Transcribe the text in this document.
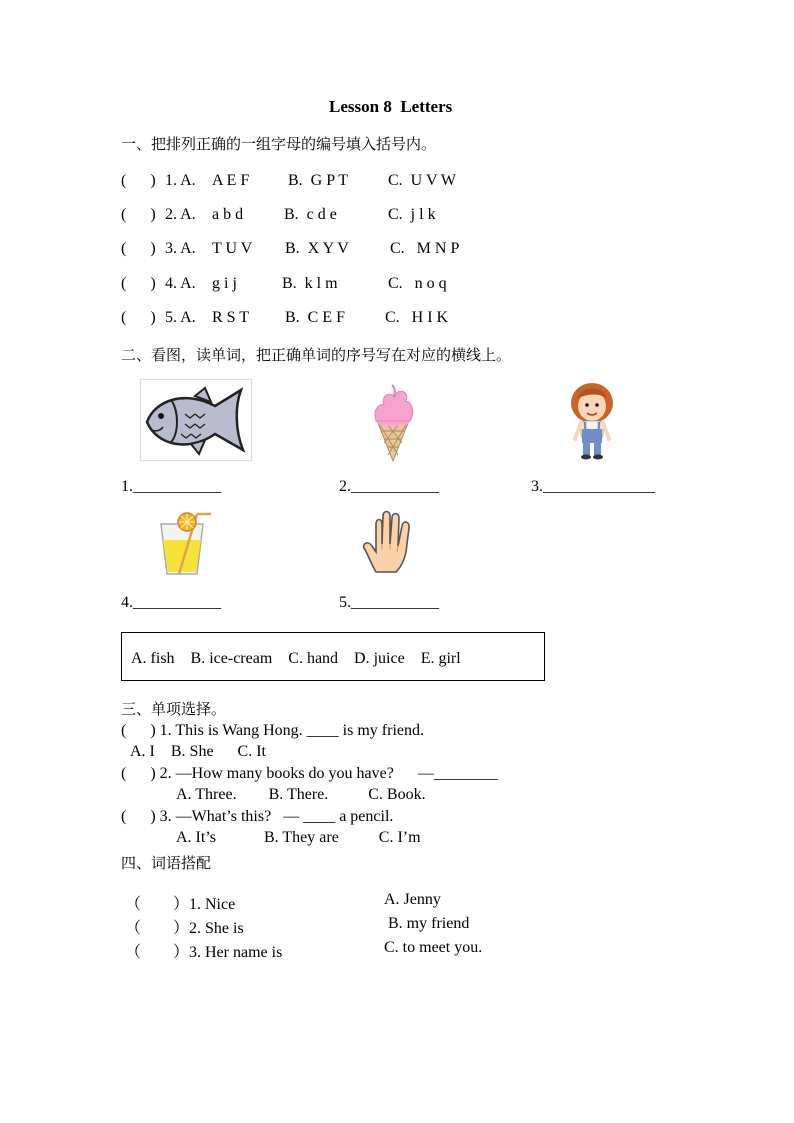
Lesson 8  Letters
一、把排列正确的一组字母的编号填入括号内。
(      ) 1. A. A E F B.  G P T C.  U V W
(      ) 2. A. a b d	B.  c d e	C.  j l k
(      ) 3. A. T U V B.  X Y V	C.   M N P
(      ) 4. A. g i j	B.  k l m	C.   n o q
(      ) 5. A. R S T B.  C E F C.   H I K
二、看图，读单词，把正确单词的序号写在对应的横线上。
1.___________	2.___________	3.______________
4.___________	5.___________
A. fish    B. ice-cream    C. hand    D. juice    E. girl
三、单项选择。
(      ) 1. This is Wang Hong. ____ is my friend.
A. I    B. She      C. It
(      ) 2. —How many books do you have?      —________
A. Three.        B. There.          C. Book.
(      ) 3. —What’s this?   — ____ a pencil.
A. It’s            B. They are          C. I’m
四、词语搭配
（        ）1. Nice	A. Jenny
（        ）2. She is	B. my friend
（        ）3. Her name is	C. to meet you.
